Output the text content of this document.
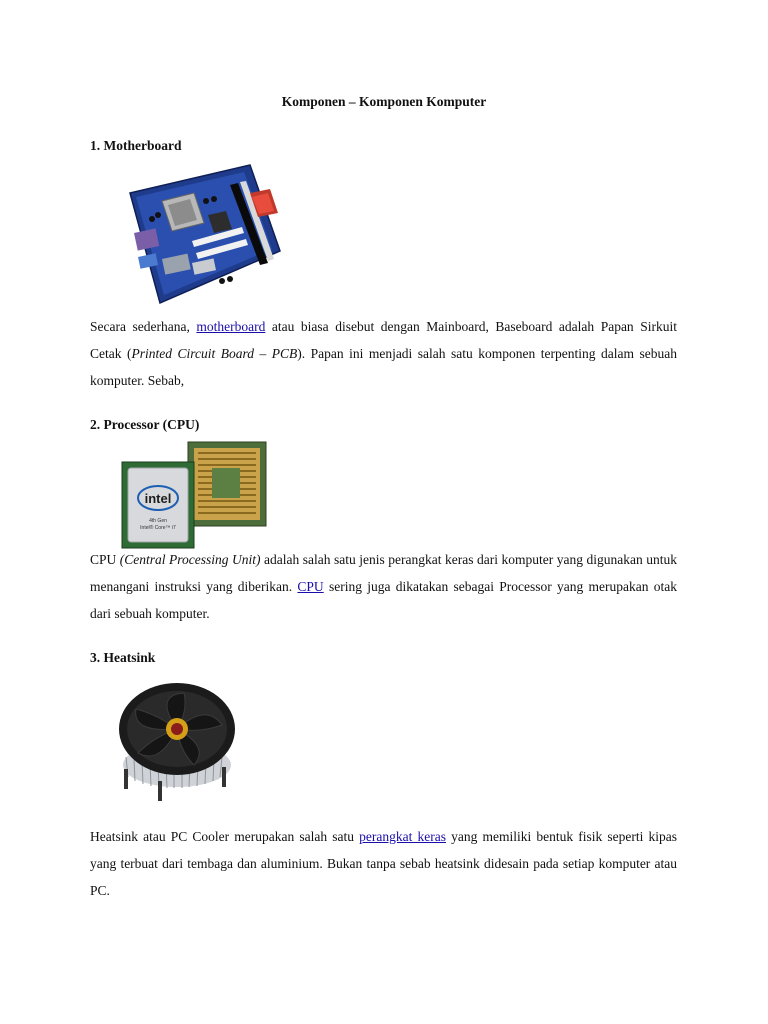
Komponen – Komponen Komputer
1. Motherboard
Secara sederhana, motherboard atau biasa disebut dengan Mainboard, Baseboard adalah Papan Sirkuit Cetak (Printed Circuit Board – PCB). Papan ini menjadi salah satu komponen terpenting dalam sebuah komputer. Sebab,
2. Processor (CPU)
intel
4th Gen
Intel® Core™ i7
CPU (Central Processing Unit) adalah salah satu jenis perangkat keras dari komputer yang digunakan untuk menangani instruksi yang diberikan. CPU sering juga dikatakan sebagai Processor yang merupakan otak dari sebuah komputer.
3. Heatsink
Heatsink atau PC Cooler merupakan salah satu perangkat keras yang memiliki bentuk fisik seperti kipas yang terbuat dari tembaga dan aluminium. Bukan tanpa sebab heatsink didesain pada setiap komputer atau PC.
